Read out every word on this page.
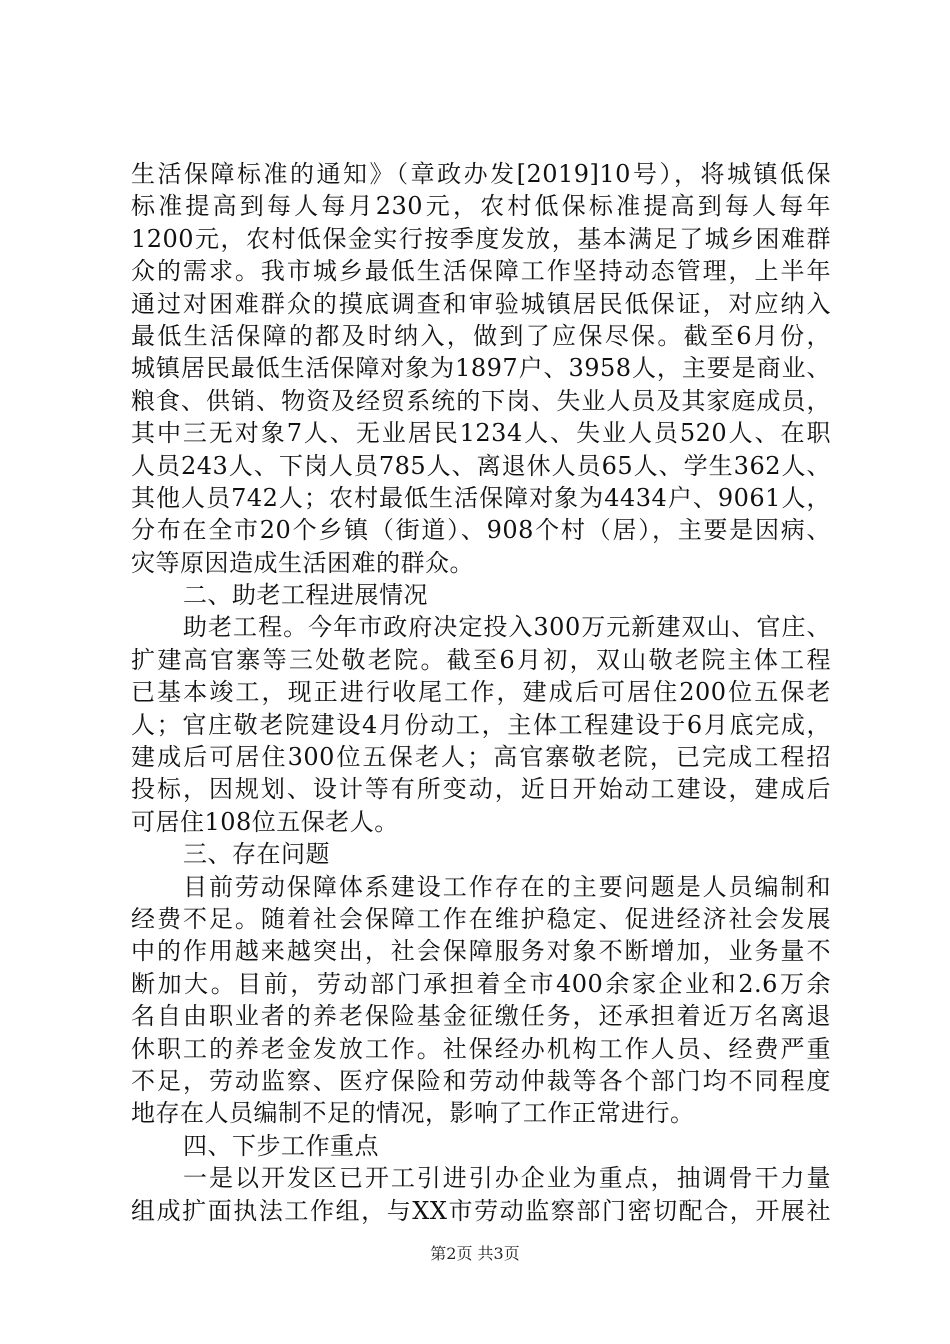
生活保障标准的通知》（章政办发[2019]10号），将城镇低保
标准提高到每人每月230元，农村低保标准提高到每人每年
1200元，农村低保金实行按季度发放，基本满足了城乡困难群
众的需求。我市城乡最低生活保障工作坚持动态管理，上半年
通过对困难群众的摸底调查和审验城镇居民低保证，对应纳入
最低生活保障的都及时纳入，做到了应保尽保。截至6月份，
城镇居民最低生活保障对象为1897户、3958人，主要是商业、
粮食、供销、物资及经贸系统的下岗、失业人员及其家庭成员，
其中三无对象7人、无业居民1234人、失业人员520人、在职
人员243人、下岗人员785人、离退休人员65人、学生362人、
其他人员742人；农村最低生活保障对象为4434户、9061人，
分布在全市20个乡镇（街道）、908个村（居），主要是因病、
灾等原因造成生活困难的群众。
二、助老工程进展情况
助老工程。今年市政府决定投入300万元新建双山、官庄、
扩建高官寨等三处敬老院。截至6月初，双山敬老院主体工程
已基本竣工，现正进行收尾工作，建成后可居住200位五保老
人；官庄敬老院建设4月份动工，主体工程建设于6月底完成，
建成后可居住300位五保老人；高官寨敬老院，已完成工程招
投标，因规划、设计等有所变动，近日开始动工建设，建成后
可居住108位五保老人。
三、存在问题
目前劳动保障体系建设工作存在的主要问题是人员编制和
经费不足。随着社会保障工作在维护稳定、促进经济社会发展
中的作用越来越突出，社会保障服务对象不断增加，业务量不
断加大。目前，劳动部门承担着全市400余家企业和2.6万余
名自由职业者的养老保险基金征缴任务，还承担着近万名离退
休职工的养老金发放工作。社保经办机构工作人员、经费严重
不足，劳动监察、医疗保险和劳动仲裁等各个部门均不同程度
地存在人员编制不足的情况，影响了工作正常进行。
四、下步工作重点
一是以开发区已开工引进引办企业为重点，抽调骨干力量
组成扩面执法工作组，与XX市劳动监察部门密切配合，开展社
第2页 共3页
